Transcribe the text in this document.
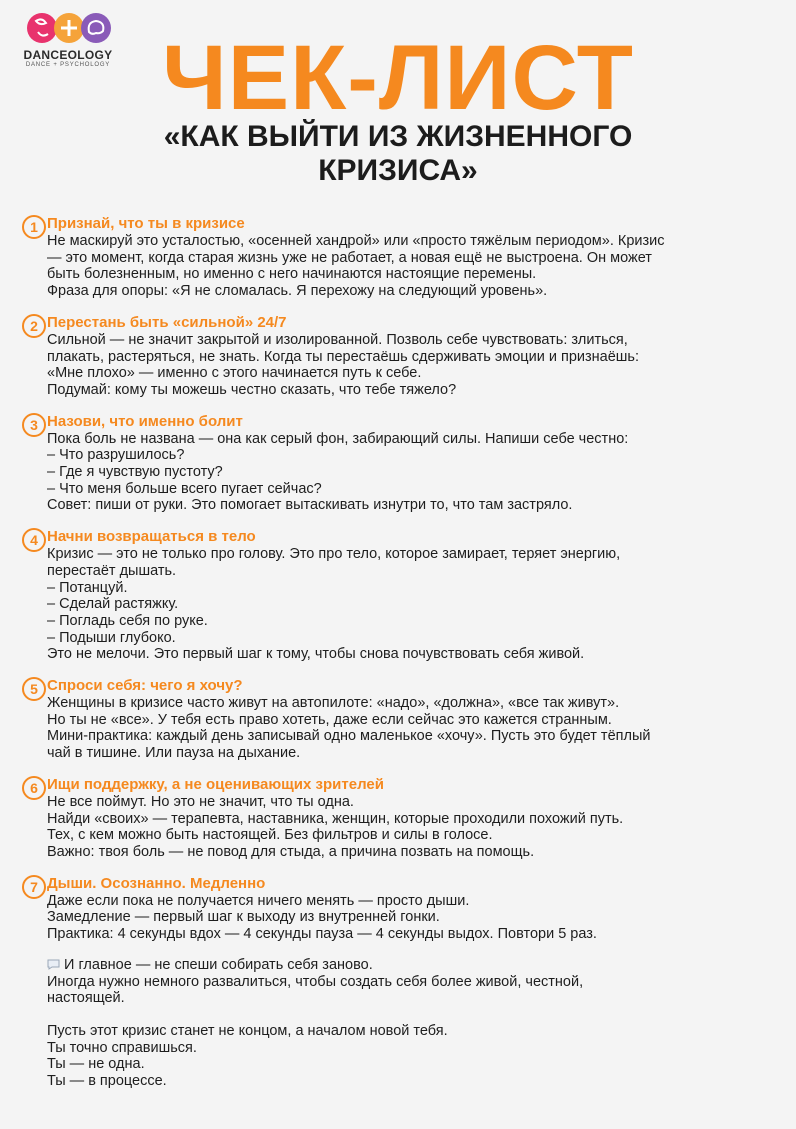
DANCEOLOGY
DANCE + PSYCHOLOGY ЧЕК-ЛИСТ
«КАК ВЫЙТИ ИЗ ЖИЗНЕННОГО
КРИЗИСА»
1 Признай, что ты в кризисе
Не маскируй это усталостью, «осенней хандрой» или «просто тяжёлым периодом». Кризис
— это момент, когда старая жизнь уже не работает, а новая ещё не выстроена. Он может
быть болезненным, но именно с него начинаются настоящие перемены.
Фраза для опоры: «Я не сломалась. Я перехожу на следующий уровень».
2 Перестань быть «сильной» 24/7
Сильной — не значит закрытой и изолированной. Позволь себе чувствовать: злиться,
плакать, растеряться, не знать. Когда ты перестаёшь сдерживать эмоции и признаёшь:
«Мне плохо» — именно с этого начинается путь к себе.
Подумай: кому ты можешь честно сказать, что тебе тяжело?
3 Назови, что именно болит
Пока боль не названа — она как серый фон, забирающий силы. Напиши себе честно:
– Что разрушилось?
– Где я чувствую пустоту?
– Что меня больше всего пугает сейчас?
Совет: пиши от руки. Это помогает вытаскивать изнутри то, что там застряло.
4 Начни возвращаться в тело
Кризис — это не только про голову. Это про тело, которое замирает, теряет энергию,
перестаёт дышать.
– Потанцуй.
– Сделай растяжку.
– Погладь себя по руке.
– Подыши глубоко.
Это не мелочи. Это первый шаг к тому, чтобы снова почувствовать себя живой.
5 Спроси себя: чего я хочу?
Женщины в кризисе часто живут на автопилоте: «надо», «должна», «все так живут».
Но ты не «все». У тебя есть право хотеть, даже если сейчас это кажется странным.
Мини-практика: каждый день записывай одно маленькое «хочу». Пусть это будет тёплый
чай в тишине. Или пауза на дыхание.
6 Ищи поддержку, а не оценивающих зрителей
Не все поймут. Но это не значит, что ты одна.
Найди «своих» — терапевта, наставника, женщин, которые проходили похожий путь.
Тех, с кем можно быть настоящей. Без фильтров и силы в голосе.
Важно: твоя боль — не повод для стыда, а причина позвать на помощь.
7 Дыши. Осознанно. Медленно
Даже если пока не получается ничего менять — просто дыши.
Замедление — первый шаг к выходу из внутренней гонки.
Практика: 4 секунды вдох — 4 секунды пауза — 4 секунды выдох. Повтори 5 раз.
И главное — не спеши собирать себя заново.
Иногда нужно немного развалиться, чтобы создать себя более живой, честной,
настоящей.
Пусть этот кризис станет не концом, а началом новой тебя.
Ты точно справишься.
Ты — не одна.
Ты — в процессе.
